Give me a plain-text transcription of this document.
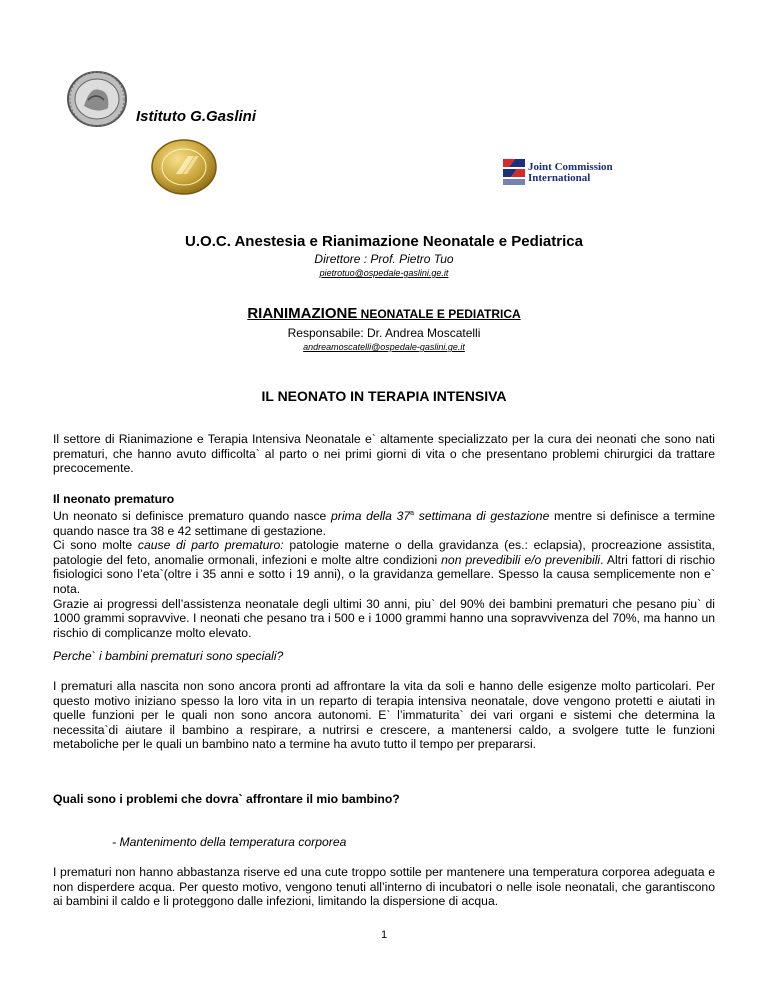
Istituto G.Gaslini
Joint Commission
International
U.O.C. Anestesia e Rianimazione Neonatale e Pediatrica
Direttore : Prof. Pietro Tuo
pietrotuo@ospedale-gaslini.ge.it
RIANIMAZIONE NEONATALE E PEDIATRICA
Responsabile: Dr. Andrea Moscatelli
andreamoscatelli@ospedale-gaslini.ge.it
IL NEONATO IN TERAPIA INTENSIVA
Il settore di Rianimazione e Terapia Intensiva Neonatale e` altamente specializzato per la cura dei neonati che sono nati prematuri, che hanno avuto difficolta` al parto o nei primi giorni di vita o che presentano problemi chirurgici da trattare precocemente.
Il neonato prematuro
Un neonato si definisce prematuro quando nasce prima della 37$^a$ settimana di gestazione mentre si definisce a termine quando nasce tra 38 e 42 settimane di gestazione.
Ci sono molte cause di parto prematuro: patologie materne o della gravidanza (es.: eclapsia), procreazione assistita, patologie del feto, anomalie ormonali, infezioni e molte altre condizioni non prevedibili e/o prevenibili. Altri fattori di rischio fisiologici sono l’eta`(oltre i 35 anni e sotto i 19 anni), o la gravidanza gemellare. Spesso la causa semplicemente non e` nota.
Grazie ai progressi dell’assistenza neonatale degli ultimi 30 anni, piu` del 90% dei bambini prematuri che pesano piu` di 1000 grammi sopravvive. I neonati che pesano tra i 500 e i 1000 grammi hanno una sopravvivenza del 70%, ma hanno un rischio di complicanze molto elevato.
Perche` i bambini prematuri sono speciali?
I prematuri alla nascita non sono ancora pronti ad affrontare la vita da soli e hanno delle esigenze molto particolari. Per questo motivo iniziano spesso la loro vita in un reparto di terapia intensiva neonatale, dove vengono protetti e aiutati in quelle funzioni per le quali non sono ancora autonomi. E` l’immaturita` dei vari organi e sistemi che determina la necessita`di aiutare il bambino a respirare, a nutrirsi e crescere, a mantenersi caldo, a svolgere tutte le funzioni metaboliche per le quali un bambino nato a termine ha avuto tutto il tempo per prepararsi.
Quali sono i problemi che dovra` affrontare il mio bambino?
- Mantenimento della temperatura corporea
I prematuri non hanno abbastanza riserve ed una cute troppo sottile per mantenere una temperatura corporea adeguata e non disperdere acqua. Per questo motivo, vengono tenuti all’interno di incubatori o nelle isole neonatali, che garantiscono ai bambini il caldo e li proteggono dalle infezioni, limitando la dispersione di acqua.
1
